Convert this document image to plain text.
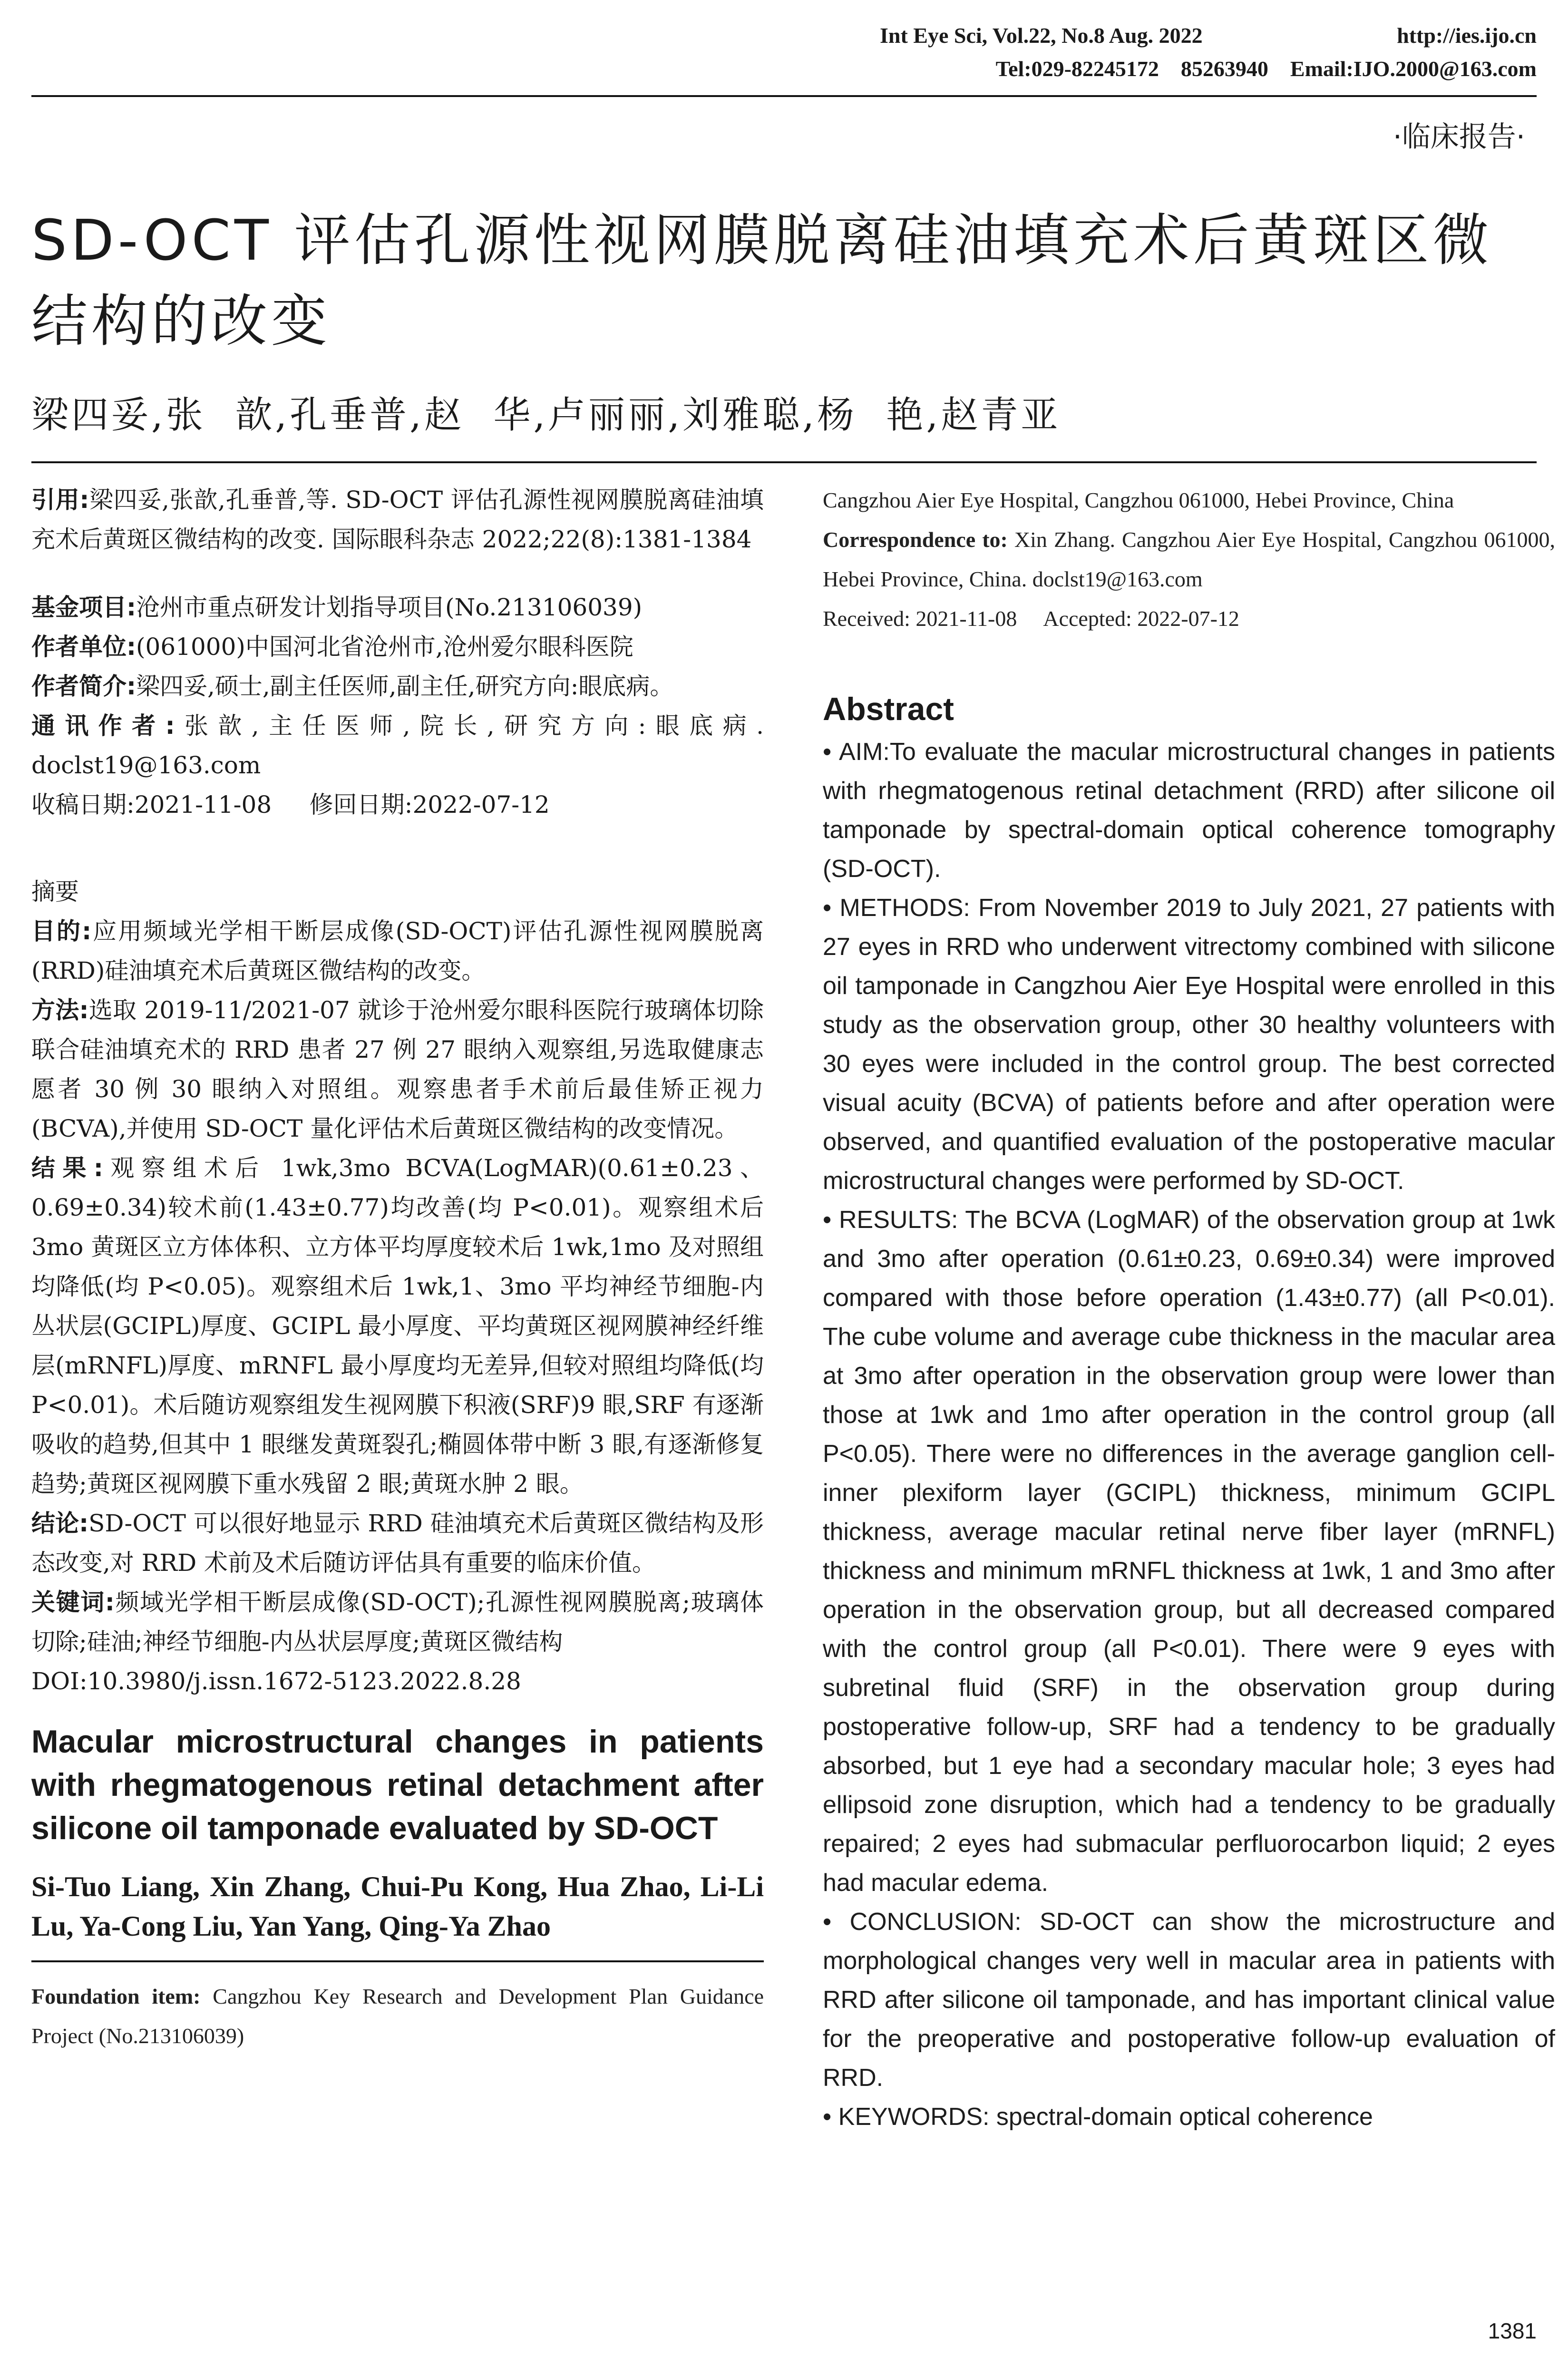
Int Eye Sci, Vol.22, No.8 Aug. 2022	http://ies.ijo.cn
Tel:029-82245172    85263940    Email:IJO.2000@163.com
·临床报告·
SD-OCT 评估孔源性视网膜脱离硅油填充术后黄斑区微结构的改变
梁四妥,张  歆,孔垂普,赵  华,卢丽丽,刘雅聪,杨  艳,赵青亚

引用:梁四妥,张歆,孔垂普,等. SD-OCT 评估孔源性视网膜脱离硅油填充术后黄斑区微结构的改变. 国际眼科杂志 2022;22(8):1381-1384

基金项目:沧州市重点研发计划指导项目(No.213106039)

作者单位:(061000)中国河北省沧州市,沧州爱尔眼科医院

作者简介:梁四妥,硕士,副主任医师,副主任,研究方向:眼底病。

通讯作者:张歆,主任医师,院长,研究方向:眼底病. doclst19@163.com

收稿日期:2021-11-08     修回日期:2022-07-12

摘要

目的:应用频域光学相干断层成像(SD-OCT)评估孔源性视网膜脱离(RRD)硅油填充术后黄斑区微结构的改变。

方法:选取 2019-11/2021-07 就诊于沧州爱尔眼科医院行玻璃体切除联合硅油填充术的 RRD 患者 27 例 27 眼纳入观察组,另选取健康志愿者 30 例 30 眼纳入对照组。观察患者手术前后最佳矫正视力(BCVA),并使用 SD-OCT 量化评估术后黄斑区微结构的改变情况。

结果:观察组术后 1wk,3mo BCVA(LogMAR)(0.61±0.23、0.69±0.34)较术前(1.43±0.77)均改善(均 P<0.01)。观察组术后 3mo 黄斑区立方体体积、立方体平均厚度较术后 1wk,1mo 及对照组均降低(均 P<0.05)。观察组术后 1wk,1、3mo 平均神经节细胞-内丛状层(GCIPL)厚度、GCIPL 最小厚度、平均黄斑区视网膜神经纤维层(mRNFL)厚度、mRNFL 最小厚度均无差异,但较对照组均降低(均 P<0.01)。术后随访观察组发生视网膜下积液(SRF)9 眼,SRF 有逐渐吸收的趋势,但其中 1 眼继发黄斑裂孔;椭圆体带中断 3 眼,有逐渐修复趋势;黄斑区视网膜下重水残留 2 眼;黄斑水肿 2 眼。

结论:SD-OCT 可以很好地显示 RRD 硅油填充术后黄斑区微结构及形态改变,对 RRD 术前及术后随访评估具有重要的临床价值。

关键词:频域光学相干断层成像(SD-OCT);孔源性视网膜脱离;玻璃体切除;硅油;神经节细胞-内丛状层厚度;黄斑区微结构

DOI:10.3980/j.issn.1672-5123.2022.8.28

Macular microstructural changes in patients with rhegmatogenous retinal detachment after silicone oil tamponade evaluated by SD-OCT
Si-Tuo Liang, Xin Zhang, Chui-Pu Kong, Hua Zhao, Li-Li Lu, Ya-Cong Liu, Yan Yang, Qing-Ya Zhao

Foundation item: Cangzhou Key Research and Development Plan Guidance Project (No.213106039)

Cangzhou Aier Eye Hospital, Cangzhou 061000, Hebei Province, China

Correspondence to: Xin Zhang. Cangzhou Aier Eye Hospital, Cangzhou 061000, Hebei Province, China. doclst19@163.com

Received: 2021-11-08     Accepted: 2022-07-12

Abstract

• AIM:To evaluate the macular microstructural changes in patients with rhegmatogenous retinal detachment (RRD) after silicone oil tamponade by spectral-domain optical coherence tomography (SD-OCT).

• METHODS: From November 2019 to July 2021, 27 patients with 27 eyes in RRD who underwent vitrectomy combined with silicone oil tamponade in Cangzhou Aier Eye Hospital were enrolled in this study as the observation group, other 30 healthy volunteers with 30 eyes were included in the control group. The best corrected visual acuity (BCVA) of patients before and after operation were observed, and quantified evaluation of the postoperative macular microstructural changes were performed by SD-OCT.

• RESULTS: The BCVA (LogMAR) of the observation group at 1wk and 3mo after operation (0.61±0.23, 0.69±0.34) were improved compared with those before operation (1.43±0.77) (all P<0.01). The cube volume and average cube thickness in the macular area at 3mo after operation in the observation group were lower than those at 1wk and 1mo after operation in the control group (all P<0.05). There were no differences in the average ganglion cell-inner plexiform layer (GCIPL) thickness, minimum GCIPL thickness, average macular retinal nerve fiber layer (mRNFL) thickness and minimum mRNFL thickness at 1wk, 1 and 3mo after operation in the observation group, but all decreased compared with the control group (all P<0.01). There were 9 eyes with subretinal fluid (SRF) in the observation group during postoperative follow-up, SRF had a tendency to be gradually absorbed, but 1 eye had a secondary macular hole; 3 eyes had ellipsoid zone disruption, which had a tendency to be gradually repaired; 2 eyes had submacular perfluorocarbon liquid; 2 eyes had macular edema.

• CONCLUSION: SD-OCT can show the microstructure and morphological changes very well in macular area in patients with RRD after silicone oil tamponade, and has important clinical value for the preoperative and postoperative follow-up evaluation of RRD.

• KEYWORDS: spectral-domain optical coherence

1381
